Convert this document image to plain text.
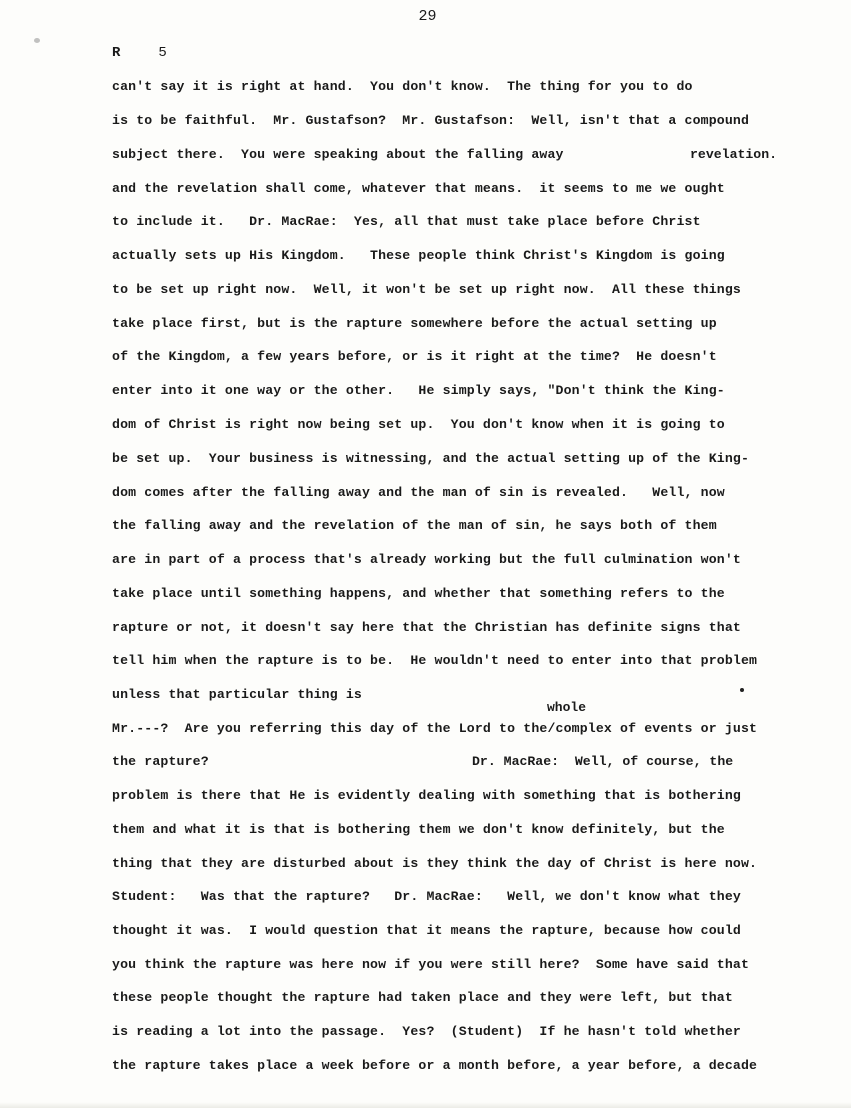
29
R	5
can't say it is right at hand.  You don't know.  The thing for you to do
is to be faithful.  Mr. Gustafson?  Mr. Gustafson:  Well, isn't that a compound
subject there.  You were speaking about the falling away	revelation.
and the revelation shall come, whatever that means.  it seems to me we ought
to include it.   Dr. MacRae:  Yes, all that must take place before Christ
actually sets up His Kingdom.   These people think Christ's Kingdom is going
to be set up right now.  Well, it won't be set up right now.  All these things
take place first, but is the rapture somewhere before the actual setting up
of the Kingdom, a few years before, or is it right at the time?  He doesn't
enter into it one way or the other.   He simply says, "Don't think the King-
dom of Christ is right now being set up.  You don't know when it is going to
be set up.  Your business is witnessing, and the actual setting up of the King-
dom comes after the falling away and the man of sin is revealed.   Well, now
the falling away and the revelation of the man of sin, he says both of them
are in part of a process that's already working but the full culmination won't
take place until something happens, and whether that something refers to the
rapture or not, it doesn't say here that the Christian has definite signs that
tell him when the rapture is to be.  He wouldn't need to enter into that problem
unless that particular thing is
whole
Mr.---?  Are you referring this day of the Lord to the/complex of events or just
the rapture?	Dr. MacRae:  Well, of course, the
problem is there that He is evidently dealing with something that is bothering
them and what it is that is bothering them we don't know definitely, but the
thing that they are disturbed about is they think the day of Christ is here now.
Student:   Was that the rapture?   Dr. MacRae:   Well, we don't know what they
thought it was.  I would question that it means the rapture, because how could
you think the rapture was here now if you were still here?  Some have said that
these people thought the rapture had taken place and they were left, but that
is reading a lot into the passage.  Yes?  (Student)  If he hasn't told whether
the rapture takes place a week before or a month before, a year before, a decade
